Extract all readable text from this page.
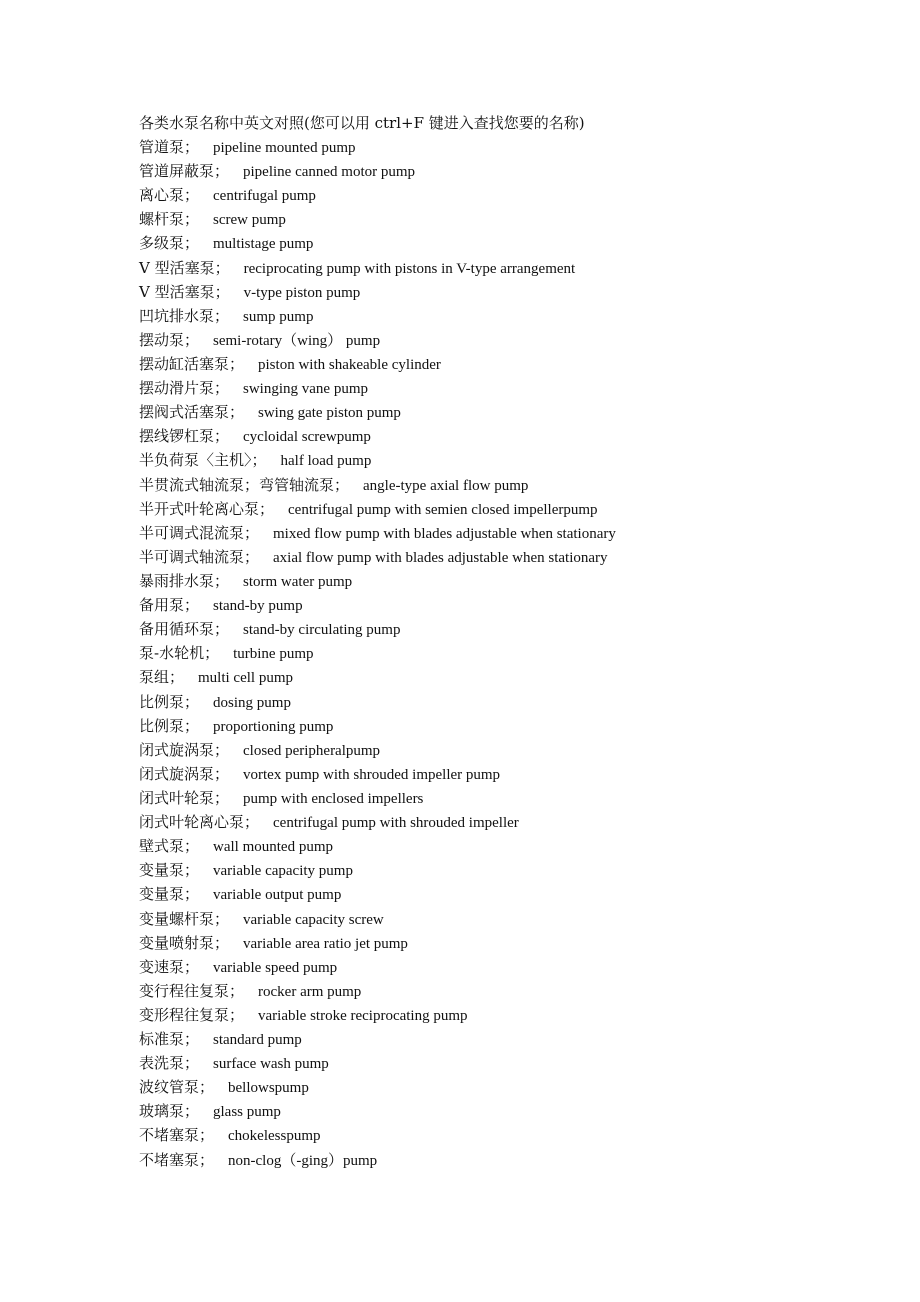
各类水泵名称中英文对照(您可以用 ctrl+F 键进入查找您要的名称)
管道泵； pipeline mounted pump
管道屏蔽泵； pipeline canned motor pump
离心泵； centrifugal pump
螺杆泵； screw pump
多级泵； multistage pump
V 型活塞泵； reciprocating pump with pistons in V-type arrangement
V 型活塞泵； v-type piston pump
凹坑排水泵； sump pump
摆动泵； semi-rotary（wing） pump
摆动缸活塞泵； piston with shakeable cylinder
摆动滑片泵； swinging vane pump
摆阀式活塞泵； swing gate piston pump
摆线锣杠泵； cycloidal screwpump
半负荷泵〈主机〉； half load pump
半贯流式轴流泵；弯管轴流泵； angle-type axial flow pump
半开式叶轮离心泵； centrifugal pump with semien closed impellerpump
半可调式混流泵； mixed flow pump with blades adjustable when stationary
半可调式轴流泵； axial flow pump with blades adjustable when stationary
暴雨排水泵； storm water pump
备用泵； stand-by pump
备用循环泵； stand-by circulating pump
泵-水轮机； turbine pump
泵组； multi cell pump
比例泵； dosing pump
比例泵； proportioning pump
闭式旋涡泵； closed peripheralpump
闭式旋涡泵； vortex pump with shrouded impeller pump
闭式叶轮泵； pump with enclosed impellers
闭式叶轮离心泵； centrifugal pump with shrouded impeller
壁式泵； wall mounted pump
变量泵； variable capacity pump
变量泵； variable output pump
变量螺杆泵； variable capacity screw
变量喷射泵； variable area ratio jet pump
变速泵； variable speed pump
变行程往复泵； rocker arm pump
变形程往复泵； variable stroke reciprocating pump
标准泵； standard pump
表洗泵； surface wash pump
波纹管泵； bellowspump
玻璃泵； glass pump
不堵塞泵； chokelesspump
不堵塞泵； non-clog（-ging）pump
